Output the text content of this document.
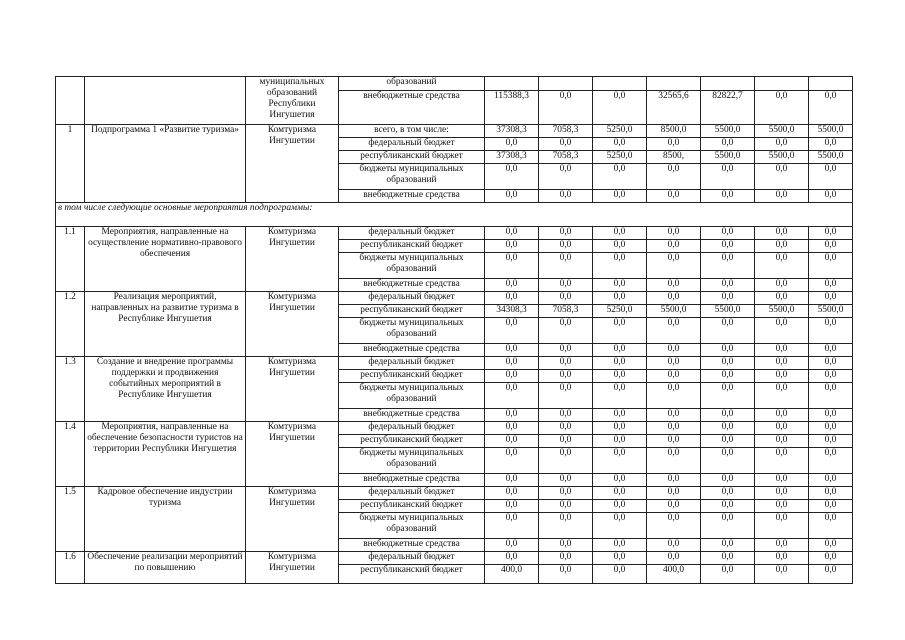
		муниципальных образований Республики Ингушетия	образований							
			внебюджетные средства	115388,3	0,0	0,0	32565,6	82822,7	0,0	0,0
1	Подпрограмма 1 «Развитие туризма»	Комтуризма Ингушетии	всего, в том числе:	37308,3	7058,3	5250,0	8500,0	5500,0	5500,0	5500,0
			федеральный бюджет	0,0	0,0	0,0	0,0	0,0	0,0	0,0
			республиканский бюджет	37308,3	7058,3	5250,0	8500,	5500,0	5500,0	5500,0
			бюджеты муниципальных образований	0,0	0,0	0,0	0,0	0,0	0,0	0,0
			внебюджетные средства	0,0	0,0	0,0	0,0	0,0	0,0	0,0
в том числе следующие основные мероприятия подпрограммы:										
1.1	Мероприятия, направленные на осуществление нормативно-правового обеспечения	Комтуризма Ингушетии	федеральный бюджет	0,0	0,0	0,0	0,0	0,0	0,0	0,0
			республиканский бюджет	0,0	0,0	0,0	0,0	0,0	0,0	0,0
			бюджеты муниципальных образований	0,0	0,0	0,0	0,0	0,0	0,0	0,0
			внебюджетные средства	0,0	0,0	0,0	0,0	0,0	0,0	0,0
1.2	Реализация мероприятий, направленных на развитие туризма в Республике Ингушетия	Комтуризма Ингушетии	федеральный бюджет	0,0	0,0	0,0	0,0	0,0	0,0	0,0
			республиканский бюджет	34308,3	7058,3	5250,0	5500,0	5500,0	5500,0	5500,0
			бюджеты муниципальных образований	0,0	0,0	0,0	0,0	0,0	0,0	0,0
			внебюджетные средства	0,0	0,0	0,0	0,0	0,0	0,0	0,0
1.3	Создание и внедрение программы поддержки и продвижения событийных мероприятий в Республике Ингушетия	Комтуризма Ингушетии	федеральный бюджет	0,0	0,0	0,0	0,0	0,0	0,0	0,0
			республиканский бюджет	0,0	0,0	0,0	0,0	0,0	0,0	0,0
			бюджеты муниципальных образований	0,0	0,0	0,0	0,0	0,0	0,0	0,0
			внебюджетные средства	0,0	0,0	0,0	0,0	0,0	0,0	0,0
1.4	Мероприятия, направленные на обеспечение безопасности туристов на территории Республики Ингушетия	Комтуризма Ингушетии	федеральный бюджет	0,0	0,0	0,0	0,0	0,0	0,0	0,0
			республиканский бюджет	0,0	0,0	0,0	0,0	0,0	0,0	0,0
			бюджеты муниципальных образований	0,0	0,0	0,0	0,0	0,0	0,0	0,0
			внебюджетные средства	0,0	0,0	0,0	0,0	0,0	0,0	0,0
1.5	Кадровое обеспечение индустрии туризма	Комтуризма Ингушетии	федеральный бюджет	0,0	0,0	0,0	0,0	0,0	0,0	0,0
			республиканский бюджет	0,0	0,0	0,0	0,0	0,0	0,0	0,0
			бюджеты муниципальных образований	0,0	0,0	0,0	0,0	0,0	0,0	0,0
			внебюджетные средства	0,0	0,0	0,0	0,0	0,0	0,0	0,0
1.6	Обеспечение реализации мероприятий по повышению	Комтуризма Ингушетии	федеральный бюджет	0,0	0,0	0,0	0,0	0,0	0,0	0,0
			республиканский бюджет	400,0	0,0	0,0	400,0	0,0	0,0	0,0
